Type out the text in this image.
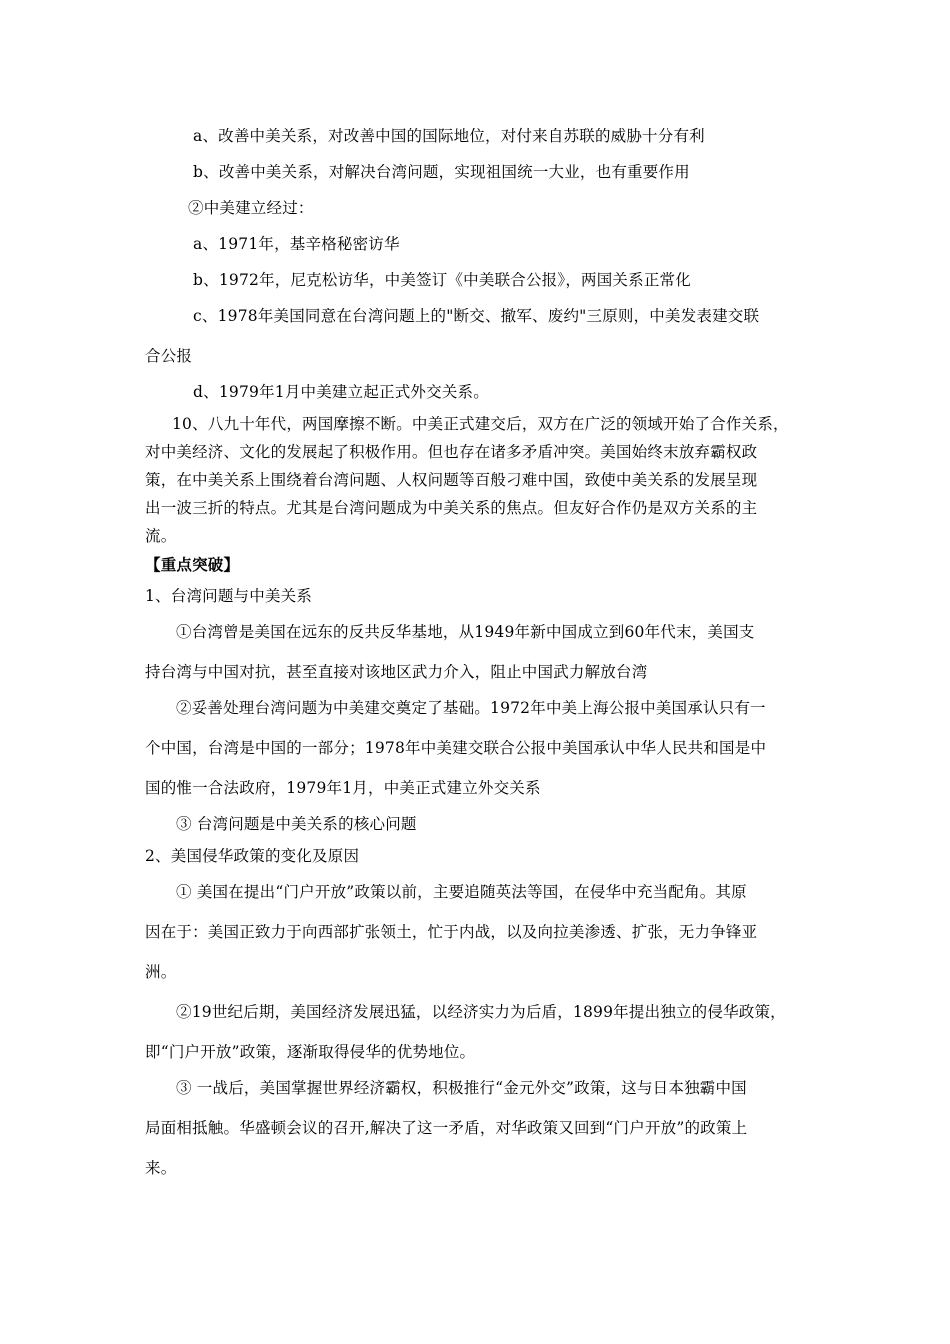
a、改善中美关系，对改善中国的国际地位，对付来自苏联的威胁十分有利
b、改善中美关系，对解决台湾问题，实现祖国统一大业，也有重要作用
②中美建立经过：
a、1971年，基辛格秘密访华
b、1972年，尼克松访华，中美签订《中美联合公报》，两国关系正常化
c、1978年美国同意在台湾问题上的"断交、撤军、废约"三原则，中美发表建交联
合公报
d、1979年1月中美建立起正式外交关系。
10、八九十年代，两国摩擦不断。中美正式建交后，双方在广泛的领域开始了合作关系，
对中美经济、文化的发展起了积极作用。但也存在诸多矛盾冲突。美国始终末放弃霸权政
策，在中美关系上围绕着台湾问题、人权问题等百般刁难中国，致使中美关系的发展呈现
出一波三折的特点。尤其是台湾问题成为中美关系的焦点。但友好合作仍是双方关系的主
流。
【重点突破】
1、台湾问题与中美关系
①台湾曾是美国在远东的反共反华基地，从1949年新中国成立到60年代末，美国支
持台湾与中国对抗，甚至直接对该地区武力介入，阻止中国武力解放台湾
②妥善处理台湾问题为中美建交奠定了基础。1972年中美上海公报中美国承认只有一
个中国，台湾是中国的一部分；1978年中美建交联合公报中美国承认中华人民共和国是中
国的惟一合法政府，1979年1月，中美正式建立外交关系
③ 台湾问题是中美关系的核心问题
2、美国侵华政策的变化及原因
① 美国在提出“门户开放”政策以前，主要追随英法等国，在侵华中充当配角。其原
因在于：美国正致力于向西部扩张领土，忙于内战，以及向拉美渗透、扩张，无力争锋亚
洲。
②19世纪后期，美国经济发展迅猛，以经济实力为后盾，1899年提出独立的侵华政策，
即“门户开放”政策，逐渐取得侵华的优势地位。
③ 一战后，美国掌握世界经济霸权，积极推行“金元外交”政策，这与日本独霸中国
局面相抵触。华盛顿会议的召开,解决了这一矛盾，对华政策又回到“门户开放”的政策上
来。
